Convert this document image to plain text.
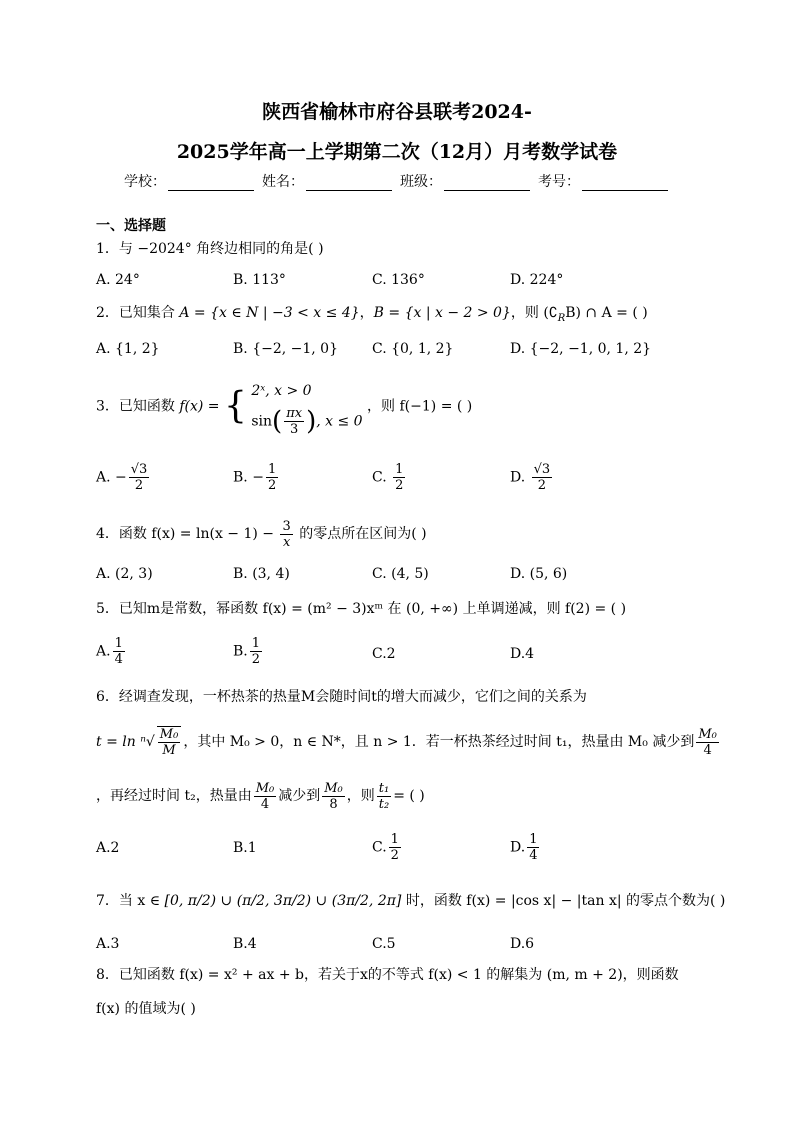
陕西省榆林市府谷县联考2024-
2025学年高一上学期第二次（12月）月考数学试卷
学校：	姓名：	班级：	考号：
一、选择题
1．与 −2024° 角终边相同的角是( )
A. 24°	B. 113°	C. 136°	D. 224°
2．已知集合 A = {x ∈ N | −3 < x ≤ 4}，B = {x | x − 2 > 0}，则 $(∁_RB)$ ∩ A = ( )
A. {1, 2}	B. {−2, −1, 0} C. {0, 1, 2}	D. {−2, −1, 0, 1, 2}
3．已知函数 f(x) = { 2ˣ, x > 0
$\sin( \frac{\pi x}{3}$ ), x ≤ 0
，则 f(−1) = ( )
A. − $\frac{√3}{2}$	B. − $\frac{1}{2}$	C. $\frac{1}{2}$	D. $\frac{√3}{2}$
4．函数 $f(x) = \ln(x - 1) - \frac{3}{x}$ 的零点所在区间为( )
A. (2, 3)	B. (3, 4)	C. (4, 5)	D. (5, 6)
5．已知m是常数，幂函数 f(x) = (m² − 3)xᵐ 在 (0, +∞) 上单调递减，则 f(2) = ( )
A. $\frac{1}{4}$	B. $\frac{1}{2}$	C.2	D.4
6．经调查发现，一杯热茶的热量M会随时间t的增大而减少，它们之间的关系为
$t = \ln ^n√ \frac{\text{M₀}}{M}$ ，其中 M₀ > 0，n ∈ N*，且 n > 1．若一杯热茶经过时间 t₁，热量由 M₀ 减少到 $\frac{\text{M₀}}{4}$
，再经过时间 t₂，热量由 $\frac{\text{M₀}}{4}$ 减少到 $\frac{\text{M₀}}{8}$ ，则 $\frac{\text{t₁}}{\text{t₂}}$ = ( )
A.2	B.1	C. $\frac{1}{2}$	D. $\frac{1}{4}$
7．当 x ∈ [0, π/2) ∪ (π/2, 3π/2) ∪ (3π/2, 2π] 时，函数 f(x) = |cos x| − |tan x| 的零点个数为( )
A.3	B.4	C.5	D.6
8．已知函数 f(x) = x² + ax + b，若关于x的不等式 f(x) < 1 的解集为 (m, m + 2)，则函数
f(x) 的值域为( )
